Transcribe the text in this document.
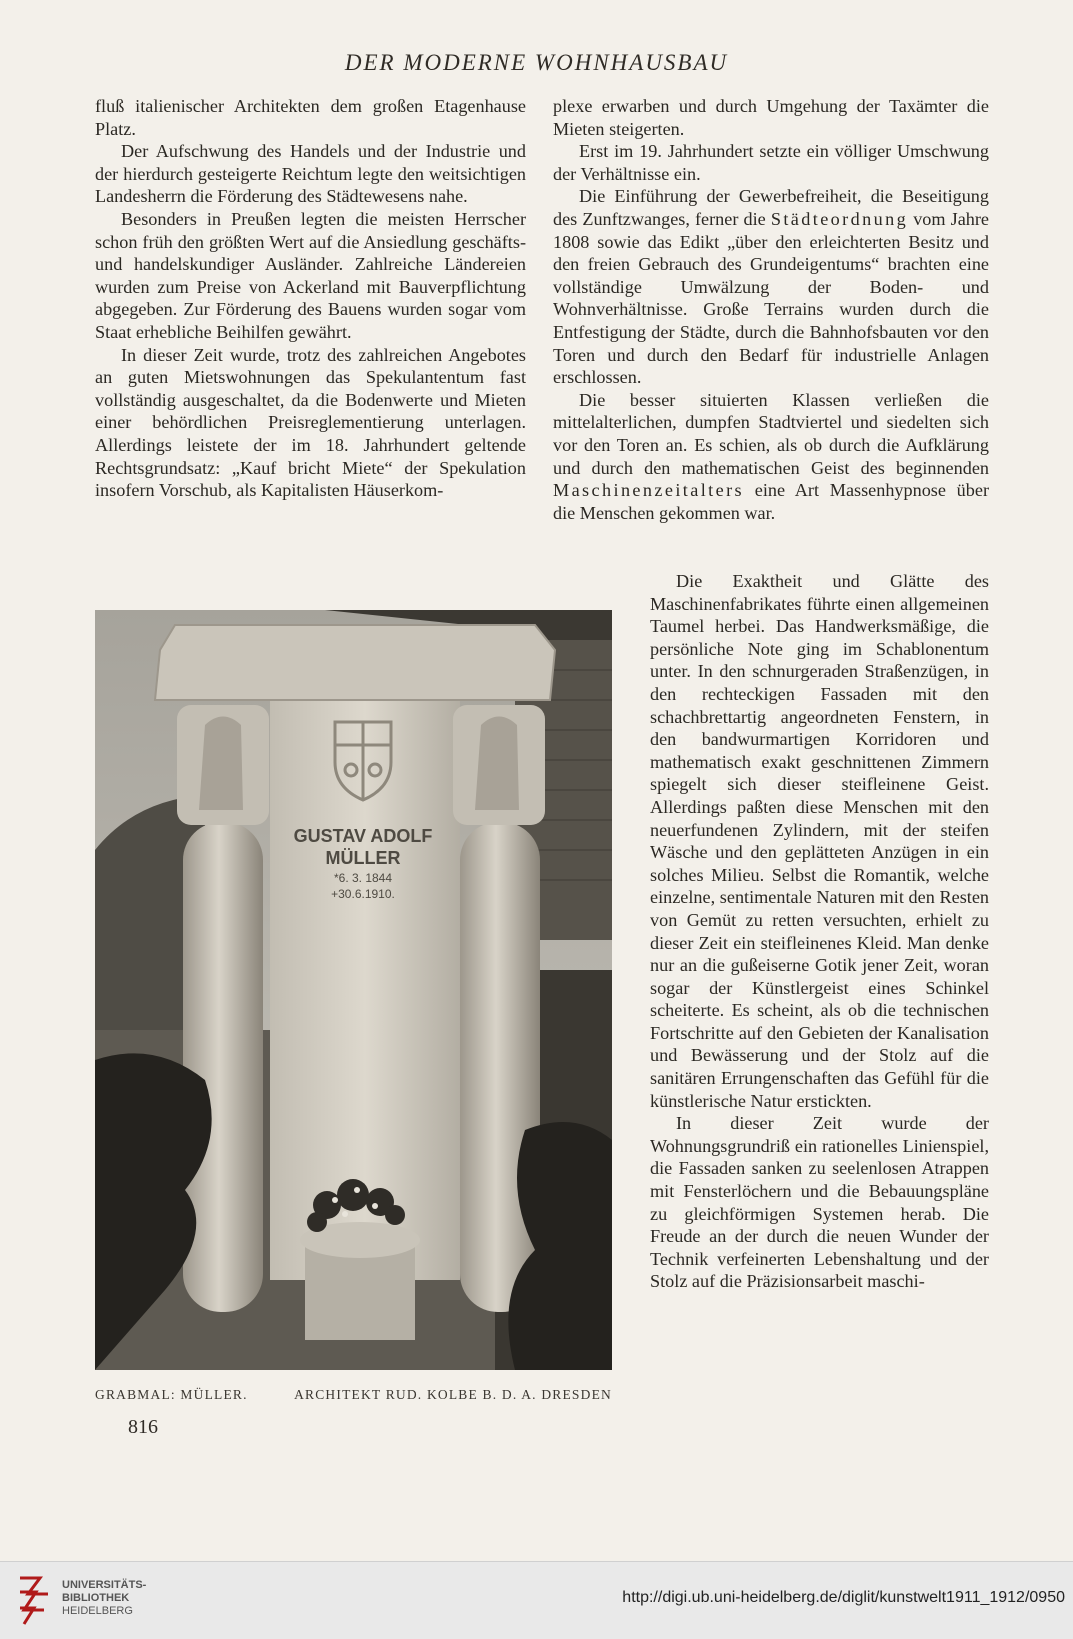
DER MODERNE WOHNHAUSBAU

fluß italienischer Architekten dem großen Etagenhause Platz.

Der Aufschwung des Handels und der Industrie und der hierdurch gesteigerte Reichtum legte den weitsichtigen Landesherrn die Förderung des Städtewesens nahe.

Besonders in Preußen legten die meisten Herrscher schon früh den größten Wert auf die Ansiedlung geschäfts- und handelskundiger Ausländer. Zahlreiche Ländereien wurden zum Preise von Ackerland mit Bauverpflichtung abgegeben. Zur Förderung des Bauens wurden sogar vom Staat erhebliche Beihilfen gewährt.

In dieser Zeit wurde, trotz des zahlreichen Angebotes an guten Mietswohnungen das Spekulantentum fast vollständig ausgeschaltet, da die Bodenwerte und Mieten einer behördlichen Preisreglementierung unterlagen. Allerdings leistete der im 18. Jahrhundert geltende Rechtsgrundsatz: „Kauf bricht Miete“ der Spekulation insofern Vorschub, als Kapitalisten Häuserkom-

plexe erwarben und durch Umgehung der Taxämter die Mieten steigerten.

Erst im 19. Jahrhundert setzte ein völliger Umschwung der Verhältnisse ein.

Die Einführung der Gewerbefreiheit, die Beseitigung des Zunftzwanges, ferner die Städteordnung vom Jahre 1808 sowie das Edikt „über den erleichterten Besitz und den freien Gebrauch des Grundeigentums“ brachten eine vollständige Umwälzung der Boden- und Wohnverhältnisse. Große Terrains wurden durch die Entfestigung der Städte, durch die Bahnhofsbauten vor den Toren und durch den Bedarf für industrielle Anlagen erschlossen.

Die besser situierten Klassen verließen die mittelalterlichen, dumpfen Stadtviertel und siedelten sich vor den Toren an. Es schien, als ob durch die Aufklärung und durch den mathematischen Geist des beginnenden Maschinenzeitalters eine Art Massenhypnose über die Menschen gekommen war.

Die Exaktheit und Glätte des Maschinenfabrikates führte einen allgemeinen Taumel herbei. Das Handwerksmäßige, die persönliche Note ging im Schablonentum unter. In den schnurgeraden Straßenzügen, in den rechteckigen Fassaden mit den schachbrettartig angeordneten Fenstern, in den bandwurmartigen Korridoren und mathematisch exakt geschnittenen Zimmern spiegelt sich dieser steifleinene Geist. Allerdings paßten diese Menschen mit den neuerfundenen Zylindern, mit der steifen Wäsche und den geplätteten Anzügen in ein solches Milieu. Selbst die Romantik, welche einzelne, sentimentale Naturen mit den Resten von Gemüt zu retten versuchten, erhielt zu dieser Zeit ein steifleinenes Kleid. Man denke nur an die gußeiserne Gotik jener Zeit, woran sogar der Künstlergeist eines Schinkel scheiterte. Es scheint, als ob die technischen Fortschritte auf den Gebieten der Kanalisation und Bewässerung und der Stolz auf die sanitären Errungenschaften das Gefühl für die künstlerische Natur erstickten.

In dieser Zeit wurde der Wohnungsgrundriß ein rationelles Linienspiel, die Fassaden sanken zu seelenlosen Atrappen mit Fensterlöchern und die Bebauungspläne zu gleichförmigen Systemen herab. Die Freude an der durch die neuen Wunder der Technik verfeinerten Lebenshaltung und der Stolz auf die Präzisionsarbeit maschi-

GUSTAV ADOLF
MÜLLER
*6. 3. 1844
+30.6.1910.
GRABMAL: MÜLLER.	ARCHITEKT RUD. KOLBE B. D. A. DRESDEN
816
UNIVERSITÄTS-
BIBLIOTHEK
HEIDELBERG
http://digi.ub.uni-heidelberg.de/diglit/kunstwelt1911_1912/0950
